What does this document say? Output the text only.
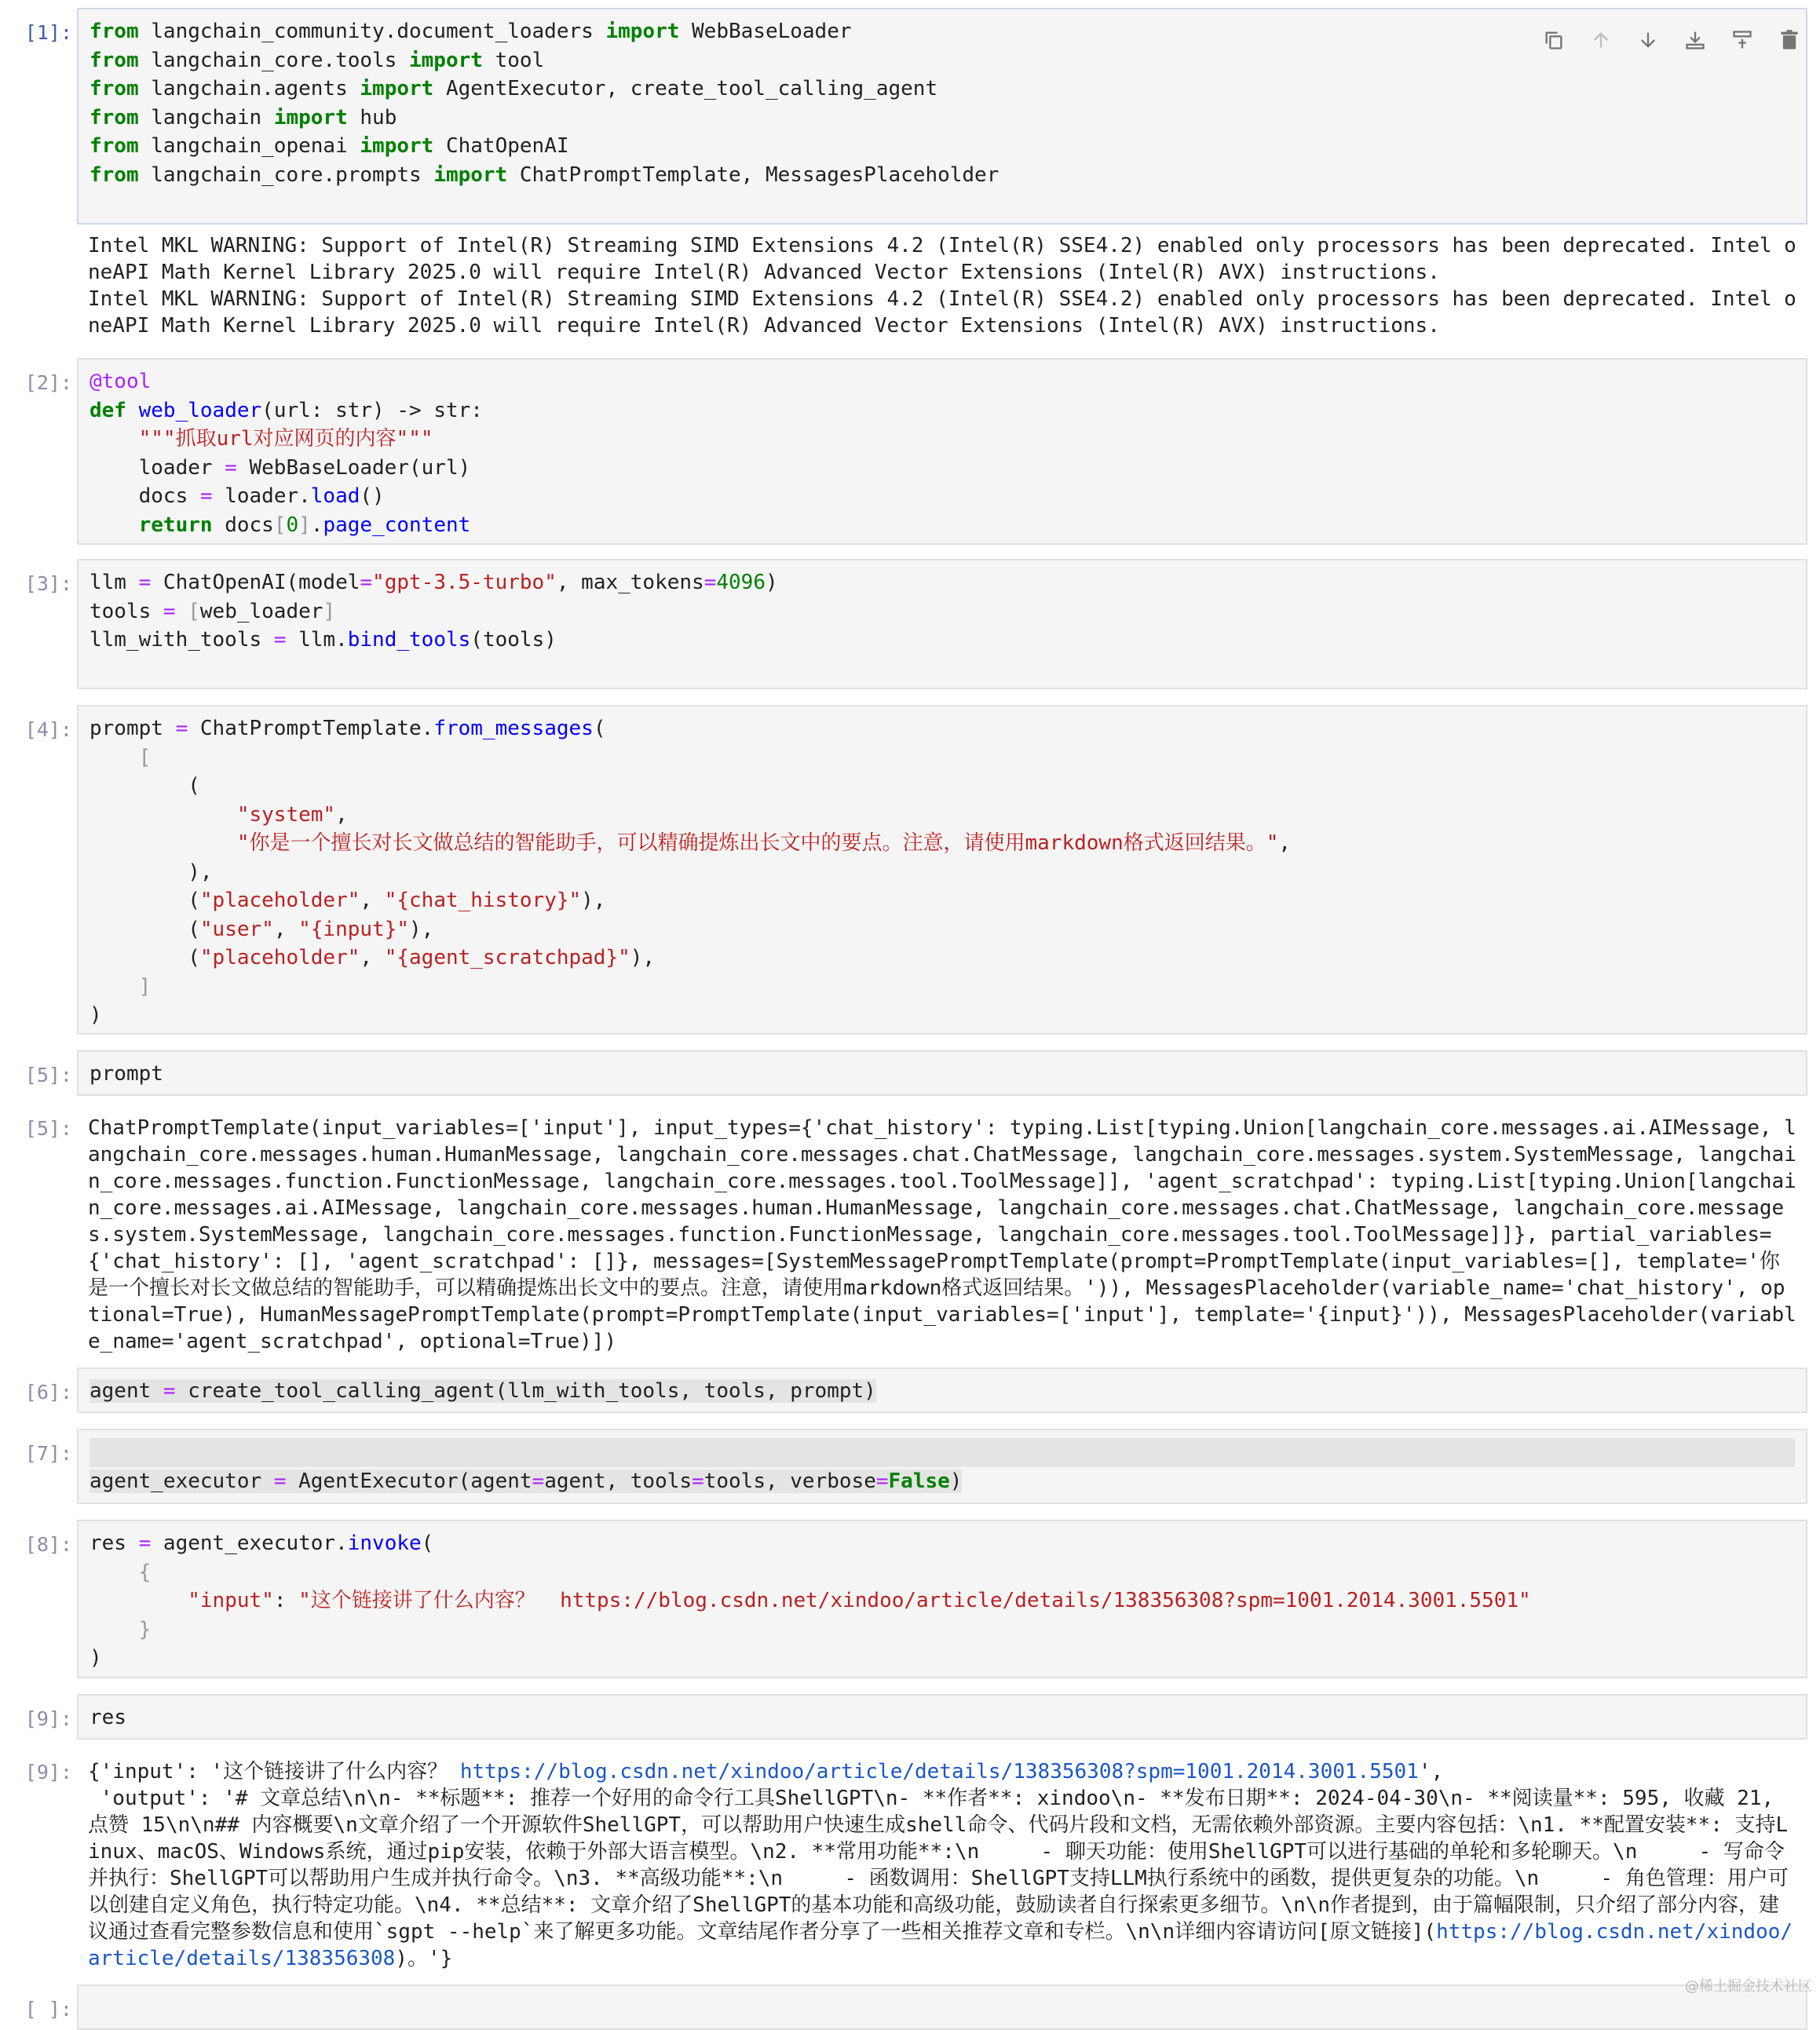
[1]: from langchain_community.document_loaders import WebBaseLoader
from langchain_core.tools import tool
from langchain.agents import AgentExecutor, create_tool_calling_agent
from langchain import hub
from langchain_openai import ChatOpenAI
from langchain_core.prompts import ChatPromptTemplate, MessagesPlaceholder
Intel MKL WARNING: Support of Intel(R) Streaming SIMD Extensions 4.2 (Intel(R) SSE4.2) enabled only processors has been deprecated. Intel oneAPI Math Kernel Library 2025.0 will require Intel(R) Advanced Vector Extensions (Intel(R) AVX) instructions.
Intel MKL WARNING: Support of Intel(R) Streaming SIMD Extensions 4.2 (Intel(R) SSE4.2) enabled only processors has been deprecated. Intel oneAPI Math Kernel Library 2025.0 will require Intel(R) Advanced Vector Extensions (Intel(R) AVX) instructions.
[2]: @tool
def web_loader(url: str) -> str:
"""抓取url对应网页的内容"""
loader = WebBaseLoader(url)
docs = loader.load()
return docs[0].page_content
[3]: llm = ChatOpenAI(model="gpt-3.5-turbo", max_tokens=4096)
tools = [web_loader]
llm_with_tools = llm.bind_tools(tools)
[4]: prompt = ChatPromptTemplate.from_messages(
[
(
"system",
"你是一个擅长对长文做总结的智能助手，可以精确提炼出长文中的要点。注意，请使用markdown格式返回结果。",
),
("placeholder", "{chat_history}"),
("user", "{input}"),
("placeholder", "{agent_scratchpad}"),
]
)
[5]: prompt
[5]: ChatPromptTemplate(input_variables=['input'], input_types={'chat_history': typing.List[typing.Union[langchain_core.messages.ai.AIMessage, langchain_core.messages.human.HumanMessage, langchain_core.messages.chat.ChatMessage, langchain_core.messages.system.SystemMessage, langchain_core.messages.function.FunctionMessage, langchain_core.messages.tool.ToolMessage]], 'agent_scratchpad': typing.List[typing.Union[langchain_core.messages.ai.AIMessage, langchain_core.messages.human.HumanMessage, langchain_core.messages.chat.ChatMessage, langchain_core.messages.system.SystemMessage, langchain_core.messages.function.FunctionMessage, langchain_core.messages.tool.ToolMessage]]}, partial_variables={'chat_history': [], 'agent_scratchpad': []}, messages=[SystemMessagePromptTemplate(prompt=PromptTemplate(input_variables=[], template='你是一个擅长对长文做总结的智能助手，可以精确提炼出长文中的要点。注意，请使用markdown格式返回结果。')), MessagesPlaceholder(variable_name='chat_history', optional=True), HumanMessagePromptTemplate(prompt=PromptTemplate(input_variables=['input'], template='{input}')), MessagesPlaceholder(variable_name='agent_scratchpad', optional=True)])
[6]: agent = create_tool_calling_agent(llm_with_tools, tools, prompt)
[7]:

agent_executor = AgentExecutor(agent=agent, tools=tools, verbose=False)
[8]: res = agent_executor.invoke(
{
"input": "这个链接讲了什么内容？  https://blog.csdn.net/xindoo/article/details/138356308?spm=1001.2014.3001.5501"
}
)
[9]: res
[9]: {'input': '这个链接讲了什么内容？ https://blog.csdn.net/xindoo/article/details/138356308?spm=1001.2014.3001.5501',
'output': '# 文章总结\n\n- **标题**: 推荐一个好用的命令行工具ShellGPT\n- **作者**: xindoo\n- **发布日期**: 2024-04-30\n- **阅读量**: 595, 收藏 21, 点赞 15\n\n## 内容概要\n文章介绍了一个开源软件ShellGPT，可以帮助用户快速生成shell命令、代码片段和文档，无需依赖外部资源。主要内容包括：\n1. **配置安装**: 支持Linux、macOS、Windows系统，通过pip安装，依赖于外部大语言模型。\n2. **常用功能**:\n     - 聊天功能：使用ShellGPT可以进行基础的单轮和多轮聊天。\n     - 写命令并执行：ShellGPT可以帮助用户生成并执行命令。\n3. **高级功能**:\n     - 函数调用：ShellGPT支持LLM执行系统中的函数，提供更复杂的功能。\n     - 角色管理：用户可以创建自定义角色，执行特定功能。\n4. **总结**: 文章介绍了ShellGPT的基本功能和高级功能，鼓励读者自行探索更多细节。\n\n作者提到，由于篇幅限制，只介绍了部分内容，建议通过查看完整参数信息和使用`sgpt --help`来了解更多功能。文章结尾作者分享了一些相关推荐文章和专栏。\n\n详细内容请访问[原文链接](https://blog.csdn.net/xindoo/article/details/138356308)。'}
[ ]:
@稀土掘金技术社区
